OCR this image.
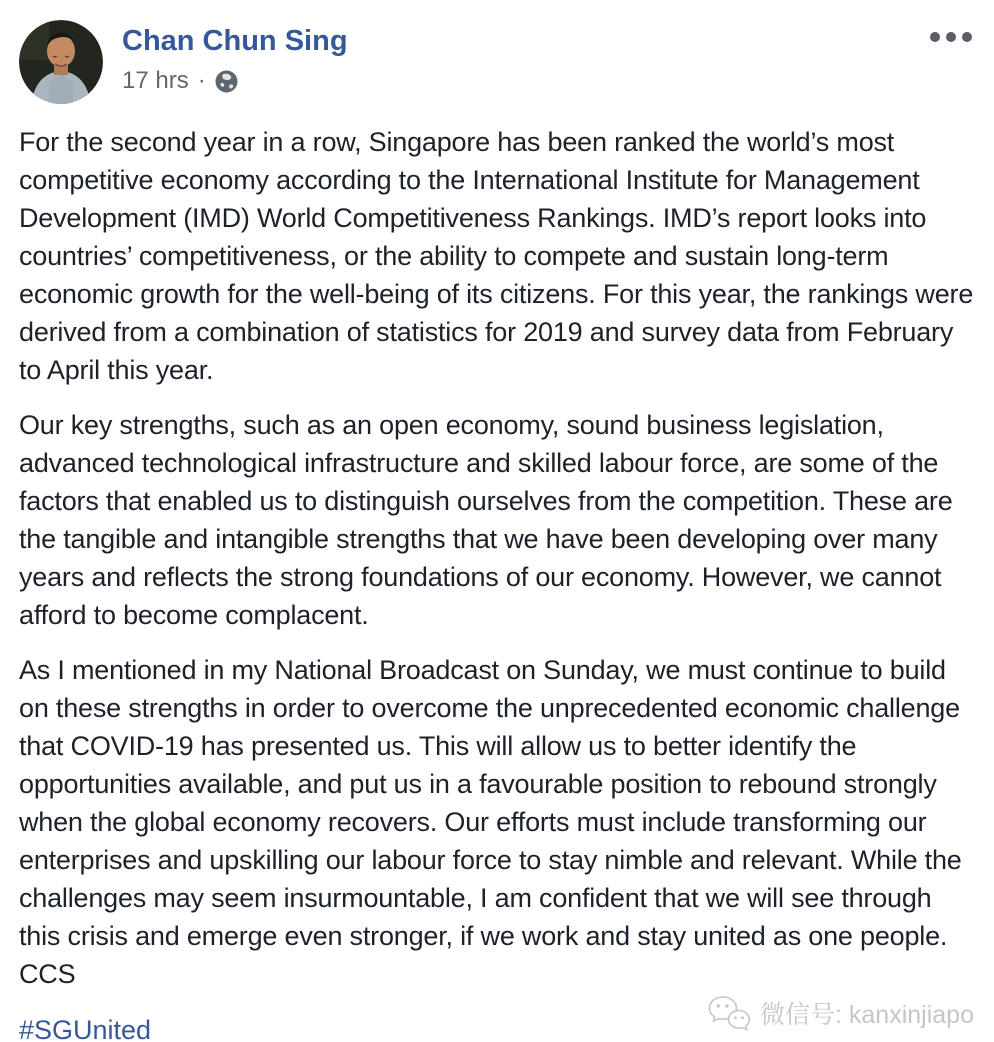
Chan Chun Sing
17 hrs ·

For the second year in a row, Singapore has been ranked the world’s most competitive economy according to the International Institute for Management Development (IMD) World Competitiveness Rankings. IMD’s report looks into countries’ competitiveness, or the ability to compete and sustain long-term economic growth for the well-being of its citizens. For this year, the rankings were derived from a combination of statistics for 2019 and survey data from February to April this year.

Our key strengths, such as an open economy, sound business legislation, advanced technological infrastructure and skilled labour force, are some of the factors that enabled us to distinguish ourselves from the competition. These are the tangible and intangible strengths that we have been developing over many years and reflects the strong foundations of our economy. However, we cannot afford to become complacent.

As I mentioned in my National Broadcast on Sunday, we must continue to build on these strengths in order to overcome the unprecedented economic challenge that COVID-19 has presented us. This will allow us to better identify the opportunities available, and put us in a favourable position to rebound strongly when the global economy recovers. Our efforts must include transforming our enterprises and upskilling our labour force to stay nimble and relevant. While the challenges may seem insurmountable, I am confident that we will see through this crisis and emerge even stronger, if we work and stay united as one people. CCS

#SGUnited	微信号: kanxinjiapo
